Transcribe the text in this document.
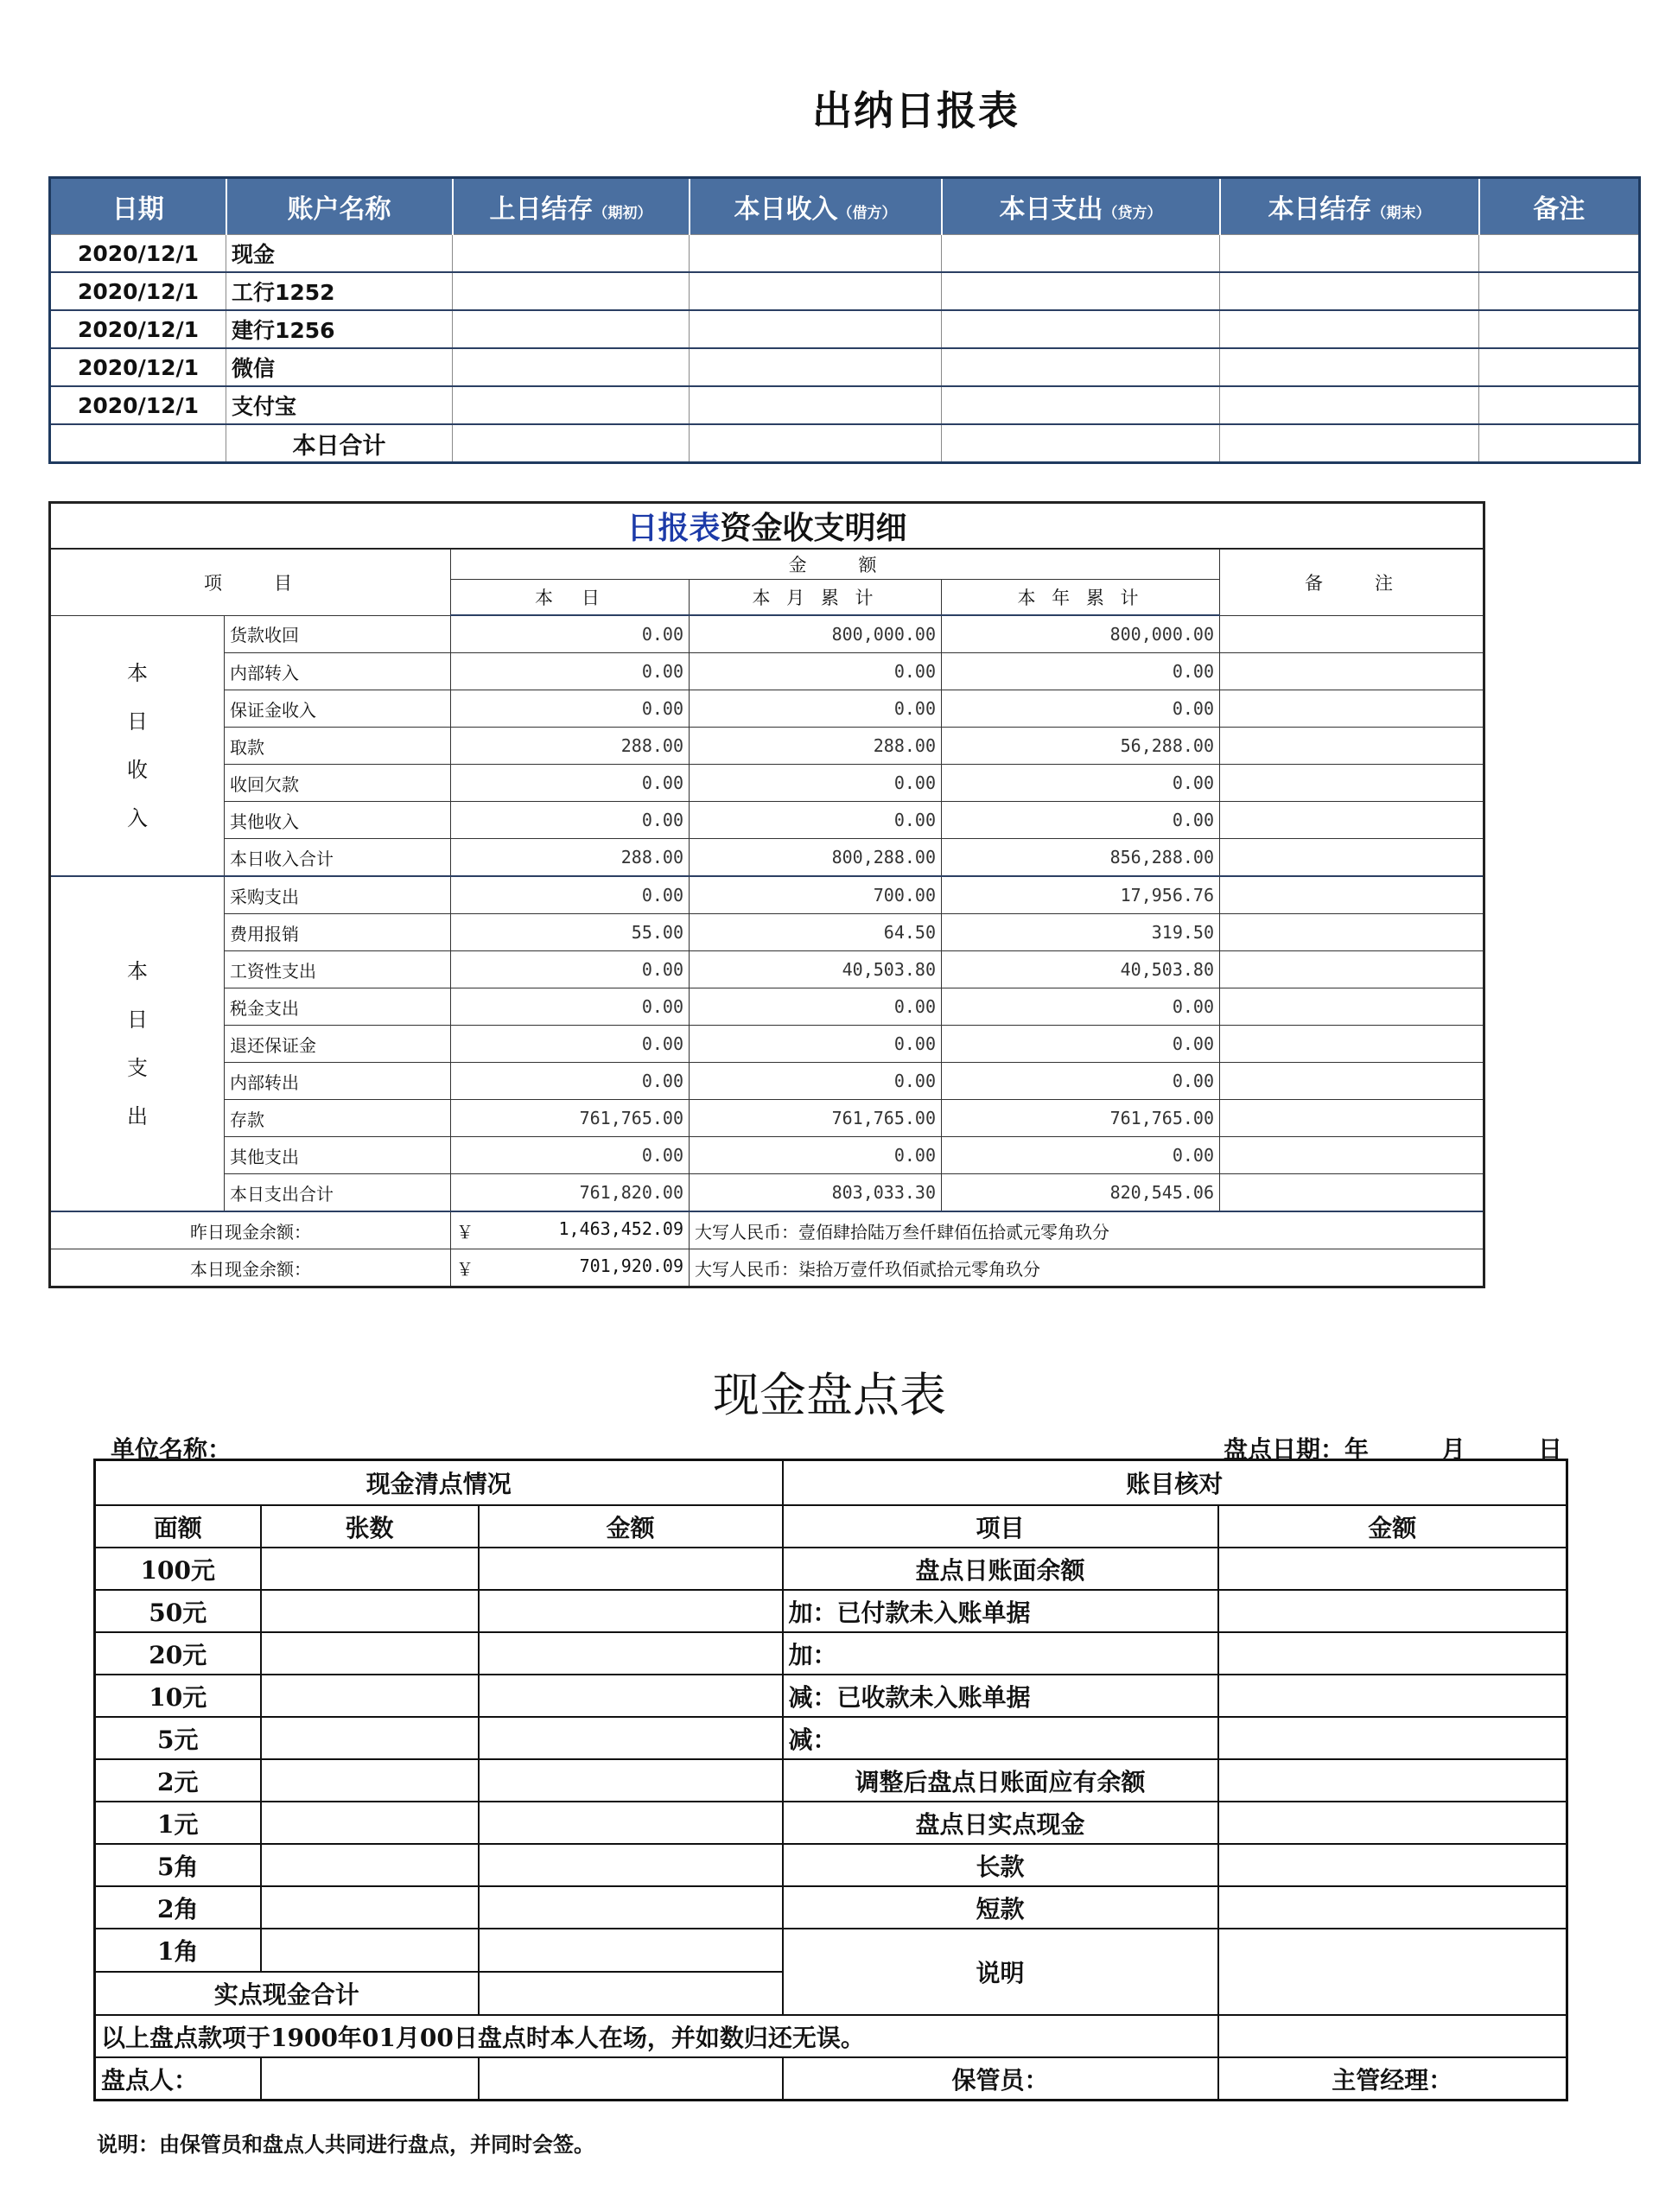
出纳日报表
日期	账户名称	上日结存（期初）	本日收入（借方）	本日支出（贷方）	本日结存（期末）	备注
2020/12/1	现金					
2020/12/1	工行1252					
2020/12/1	建行1256					
2020/12/1	微信					
2020/12/1	支付宝					
	本日合计					
日报表资金收支明细					
项　　目		金　　额			备　　注
		本　日	本 月 累 计	本 年 累 计	
本
日
收
入	货款收回	0.00	800,000.00	800,000.00	
	内部转入	0.00	0.00	0.00	
	保证金收入	0.00	0.00	0.00	
	取款	288.00	288.00	56,288.00	
	收回欠款	0.00	0.00	0.00	
	其他收入	0.00	0.00	0.00	
	本日收入合计	288.00	800,288.00	856,288.00	
本
日
支
出	采购支出	0.00	700.00	17,956.76	
	费用报销	55.00	64.50	319.50	
	工资性支出	0.00	40,503.80	40,503.80	
	税金支出	0.00	0.00	0.00	
	退还保证金	0.00	0.00	0.00	
	内部转出	0.00	0.00	0.00	
	存款	761,765.00	761,765.00	761,765.00	
	其他支出	0.00	0.00	0.00	
	本日支出合计	761,820.00	803,033.30	820,545.06	
昨日现金余额：		￥ 1,463,452.09	大写人民币：壹佰肆拾陆万叁仟肆佰伍拾贰元零角玖分		
本日现金余额：		￥ 701,920.09	大写人民币：柒拾万壹仟玖佰贰拾元零角玖分		
现金盘点表
单位名称：	盘点日期：年　　　月　　　日
现金清点情况			账目核对	
面额	张数	金额	项目	金额
100元			盘点日账面余额	
50元			加：已付款未入账单据	
20元			加：	
10元			减：已收款未入账单据	
5元			减：	
2元			调整后盘点日账面应有余额	
1元			盘点日实点现金	
5角			长款	
2角			短款	
1角			说明	
实点现金合计				
以上盘点款项于1900年01月00日盘点时本人在场，并如数归还无误。				
盘点人：			保管员：	主管经理：
说明：由保管员和盘点人共同进行盘点，并同时会签。
